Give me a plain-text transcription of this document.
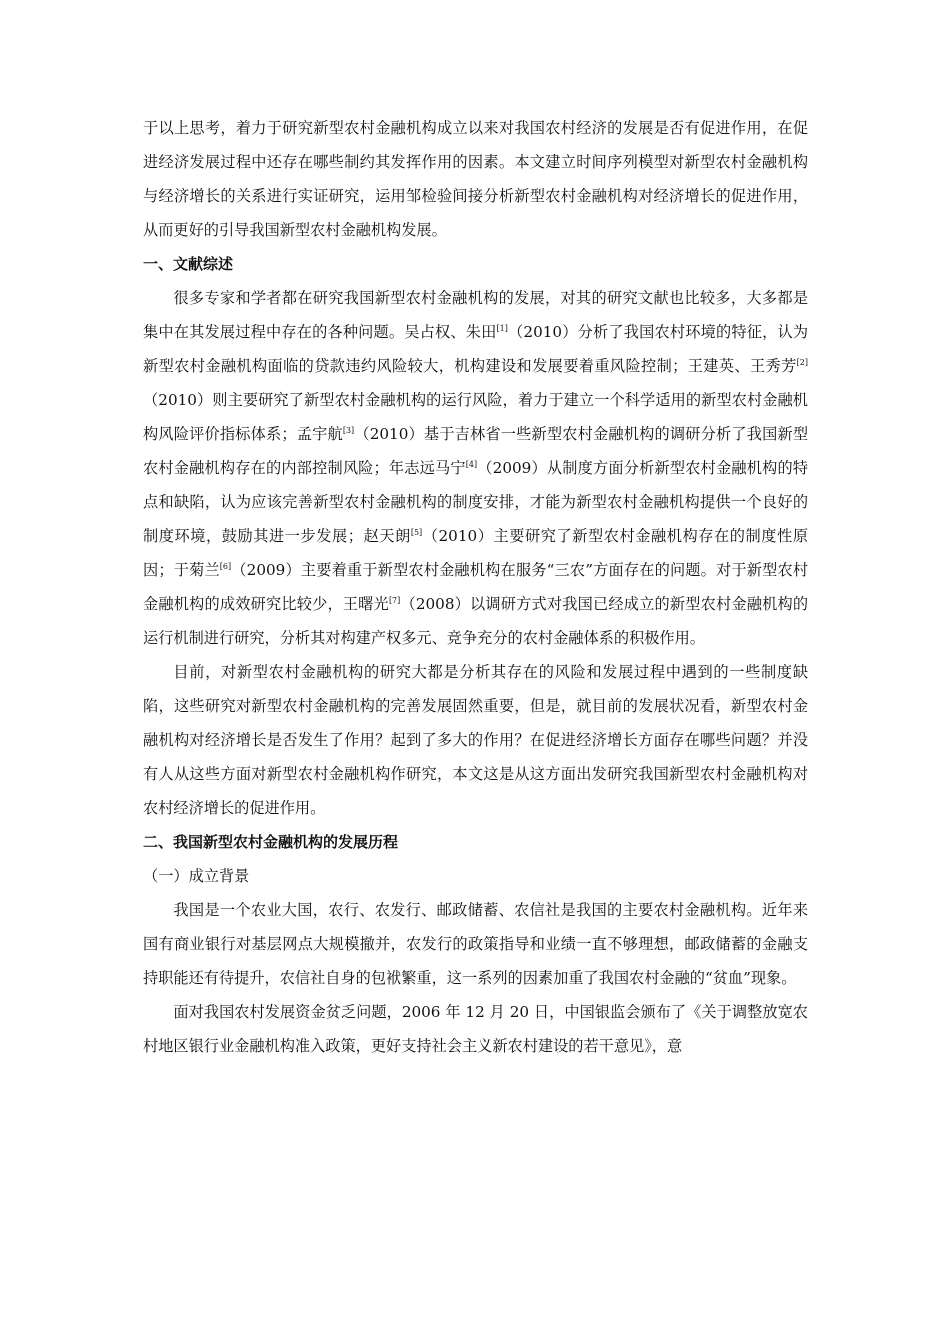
于以上思考，着力于研究新型农村金融机构成立以来对我国农村经济的发展是否有促进作用，在促进经济发展过程中还存在哪些制约其发挥作用的因素。本文建立时间序列模型对新型农村金融机构与经济增长的关系进行实证研究，运用邹检验间接分析新型农村金融机构对经济增长的促进作用，从而更好的引导我国新型农村金融机构发展。

一、文献综述

很多专家和学者都在研究我国新型农村金融机构的发展，对其的研究文献也比较多，大多都是集中在其发展过程中存在的各种问题。吴占权、朱田[1]（2010）分析了我国农村环境的特征，认为新型农村金融机构面临的贷款违约风险较大，机构建设和发展要着重风险控制；王建英、王秀芳[2]（2010）则主要研究了新型农村金融机构的运行风险，着力于建立一个科学适用的新型农村金融机构风险评价指标体系；孟宇航[3]（2010）基于吉林省一些新型农村金融机构的调研分析了我国新型农村金融机构存在的内部控制风险；年志远马宁[4]（2009）从制度方面分析新型农村金融机构的特点和缺陷，认为应该完善新型农村金融机构的制度安排，才能为新型农村金融机构提供一个良好的制度环境，鼓励其进一步发展；赵天朗[5]（2010）主要研究了新型农村金融机构存在的制度性原因；于菊兰[6]（2009）主要着重于新型农村金融机构在服务“三农”方面存在的问题。对于新型农村金融机构的成效研究比较少，王曙光[7]（2008）以调研方式对我国已经成立的新型农村金融机构的运行机制进行研究，分析其对构建产权多元、竞争充分的农村金融体系的积极作用。

目前，对新型农村金融机构的研究大都是分析其存在的风险和发展过程中遇到的一些制度缺陷，这些研究对新型农村金融机构的完善发展固然重要，但是，就目前的发展状况看，新型农村金融机构对经济增长是否发生了作用？起到了多大的作用？在促进经济增长方面存在哪些问题？并没有人从这些方面对新型农村金融机构作研究，本文这是从这方面出发研究我国新型农村金融机构对农村经济增长的促进作用。

二、我国新型农村金融机构的发展历程

（一）成立背景

我国是一个农业大国，农行、农发行、邮政储蓄、农信社是我国的主要农村金融机构。近年来国有商业银行对基层网点大规模撤并，农发行的政策指导和业绩一直不够理想，邮政储蓄的金融支持职能还有待提升，农信社自身的包袱繁重，这一系列的因素加重了我国农村金融的“贫血”现象。

面对我国农村发展资金贫乏问题，2006 年 12 月 20 日，中国银监会颁布了《关于调整放宽农村地区银行业金融机构准入政策，更好支持社会主义新农村建设的若干意见》，意
